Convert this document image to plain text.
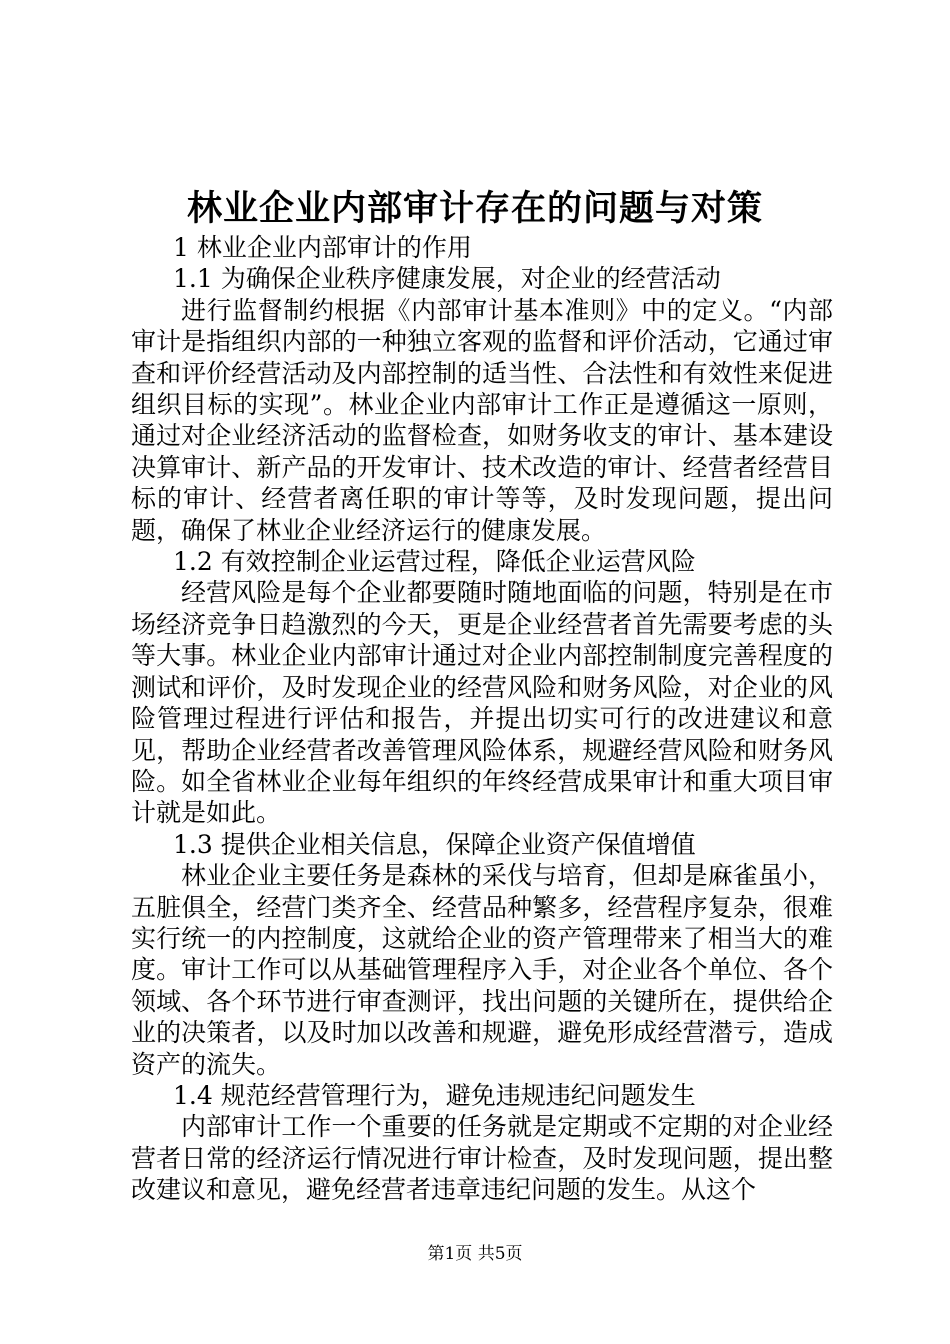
林业企业内部审计存在的问题与对策

1 林业企业内部审计的作用

1.1 为确保企业秩序健康发展，对企业的经营活动

进行监督制约根据《内部审计基本准则》中的定义。“内部审计是指组织内部的一种独立客观的监督和评价活动，它通过审查和评价经营活动及内部控制的适当性、合法性和有效性来促进组织目标的实现”。林业企业内部审计工作正是遵循这一原则，通过对企业经济活动的监督检查，如财务收支的审计、基本建设决算审计、新产品的开发审计、技术改造的审计、经营者经营目标的审计、经营者离任职的审计等等，及时发现问题，提出问题，确保了林业企业经济运行的健康发展。

1.2 有效控制企业运营过程，降低企业运营风险

经营风险是每个企业都要随时随地面临的问题，特别是在市场经济竞争日趋激烈的今天，更是企业经营者首先需要考虑的头等大事。林业企业内部审计通过对企业内部控制制度完善程度的测试和评价，及时发现企业的经营风险和财务风险，对企业的风险管理过程进行评估和报告，并提出切实可行的改进建议和意见，帮助企业经营者改善管理风险体系，规避经营风险和财务风险。如全省林业企业每年组织的年终经营成果审计和重大项目审计就是如此。

1.3 提供企业相关信息，保障企业资产保值增值

林业企业主要任务是森林的采伐与培育，但却是麻雀虽小，五脏俱全，经营门类齐全、经营品种繁多，经营程序复杂，很难实行统一的内控制度，这就给企业的资产管理带来了相当大的难度。审计工作可以从基础管理程序入手，对企业各个单位、各个领域、各个环节进行审查测评，找出问题的关键所在，提供给企业的决策者，以及时加以改善和规避，避免形成经营潜亏，造成资产的流失。

1.4 规范经营管理行为，避免违规违纪问题发生

内部审计工作一个重要的任务就是定期或不定期的对企业经营者日常的经济运行情况进行审计检查，及时发现问题，提出整改建议和意见，避免经营者违章违纪问题的发生。从这个

第1页 共5页
